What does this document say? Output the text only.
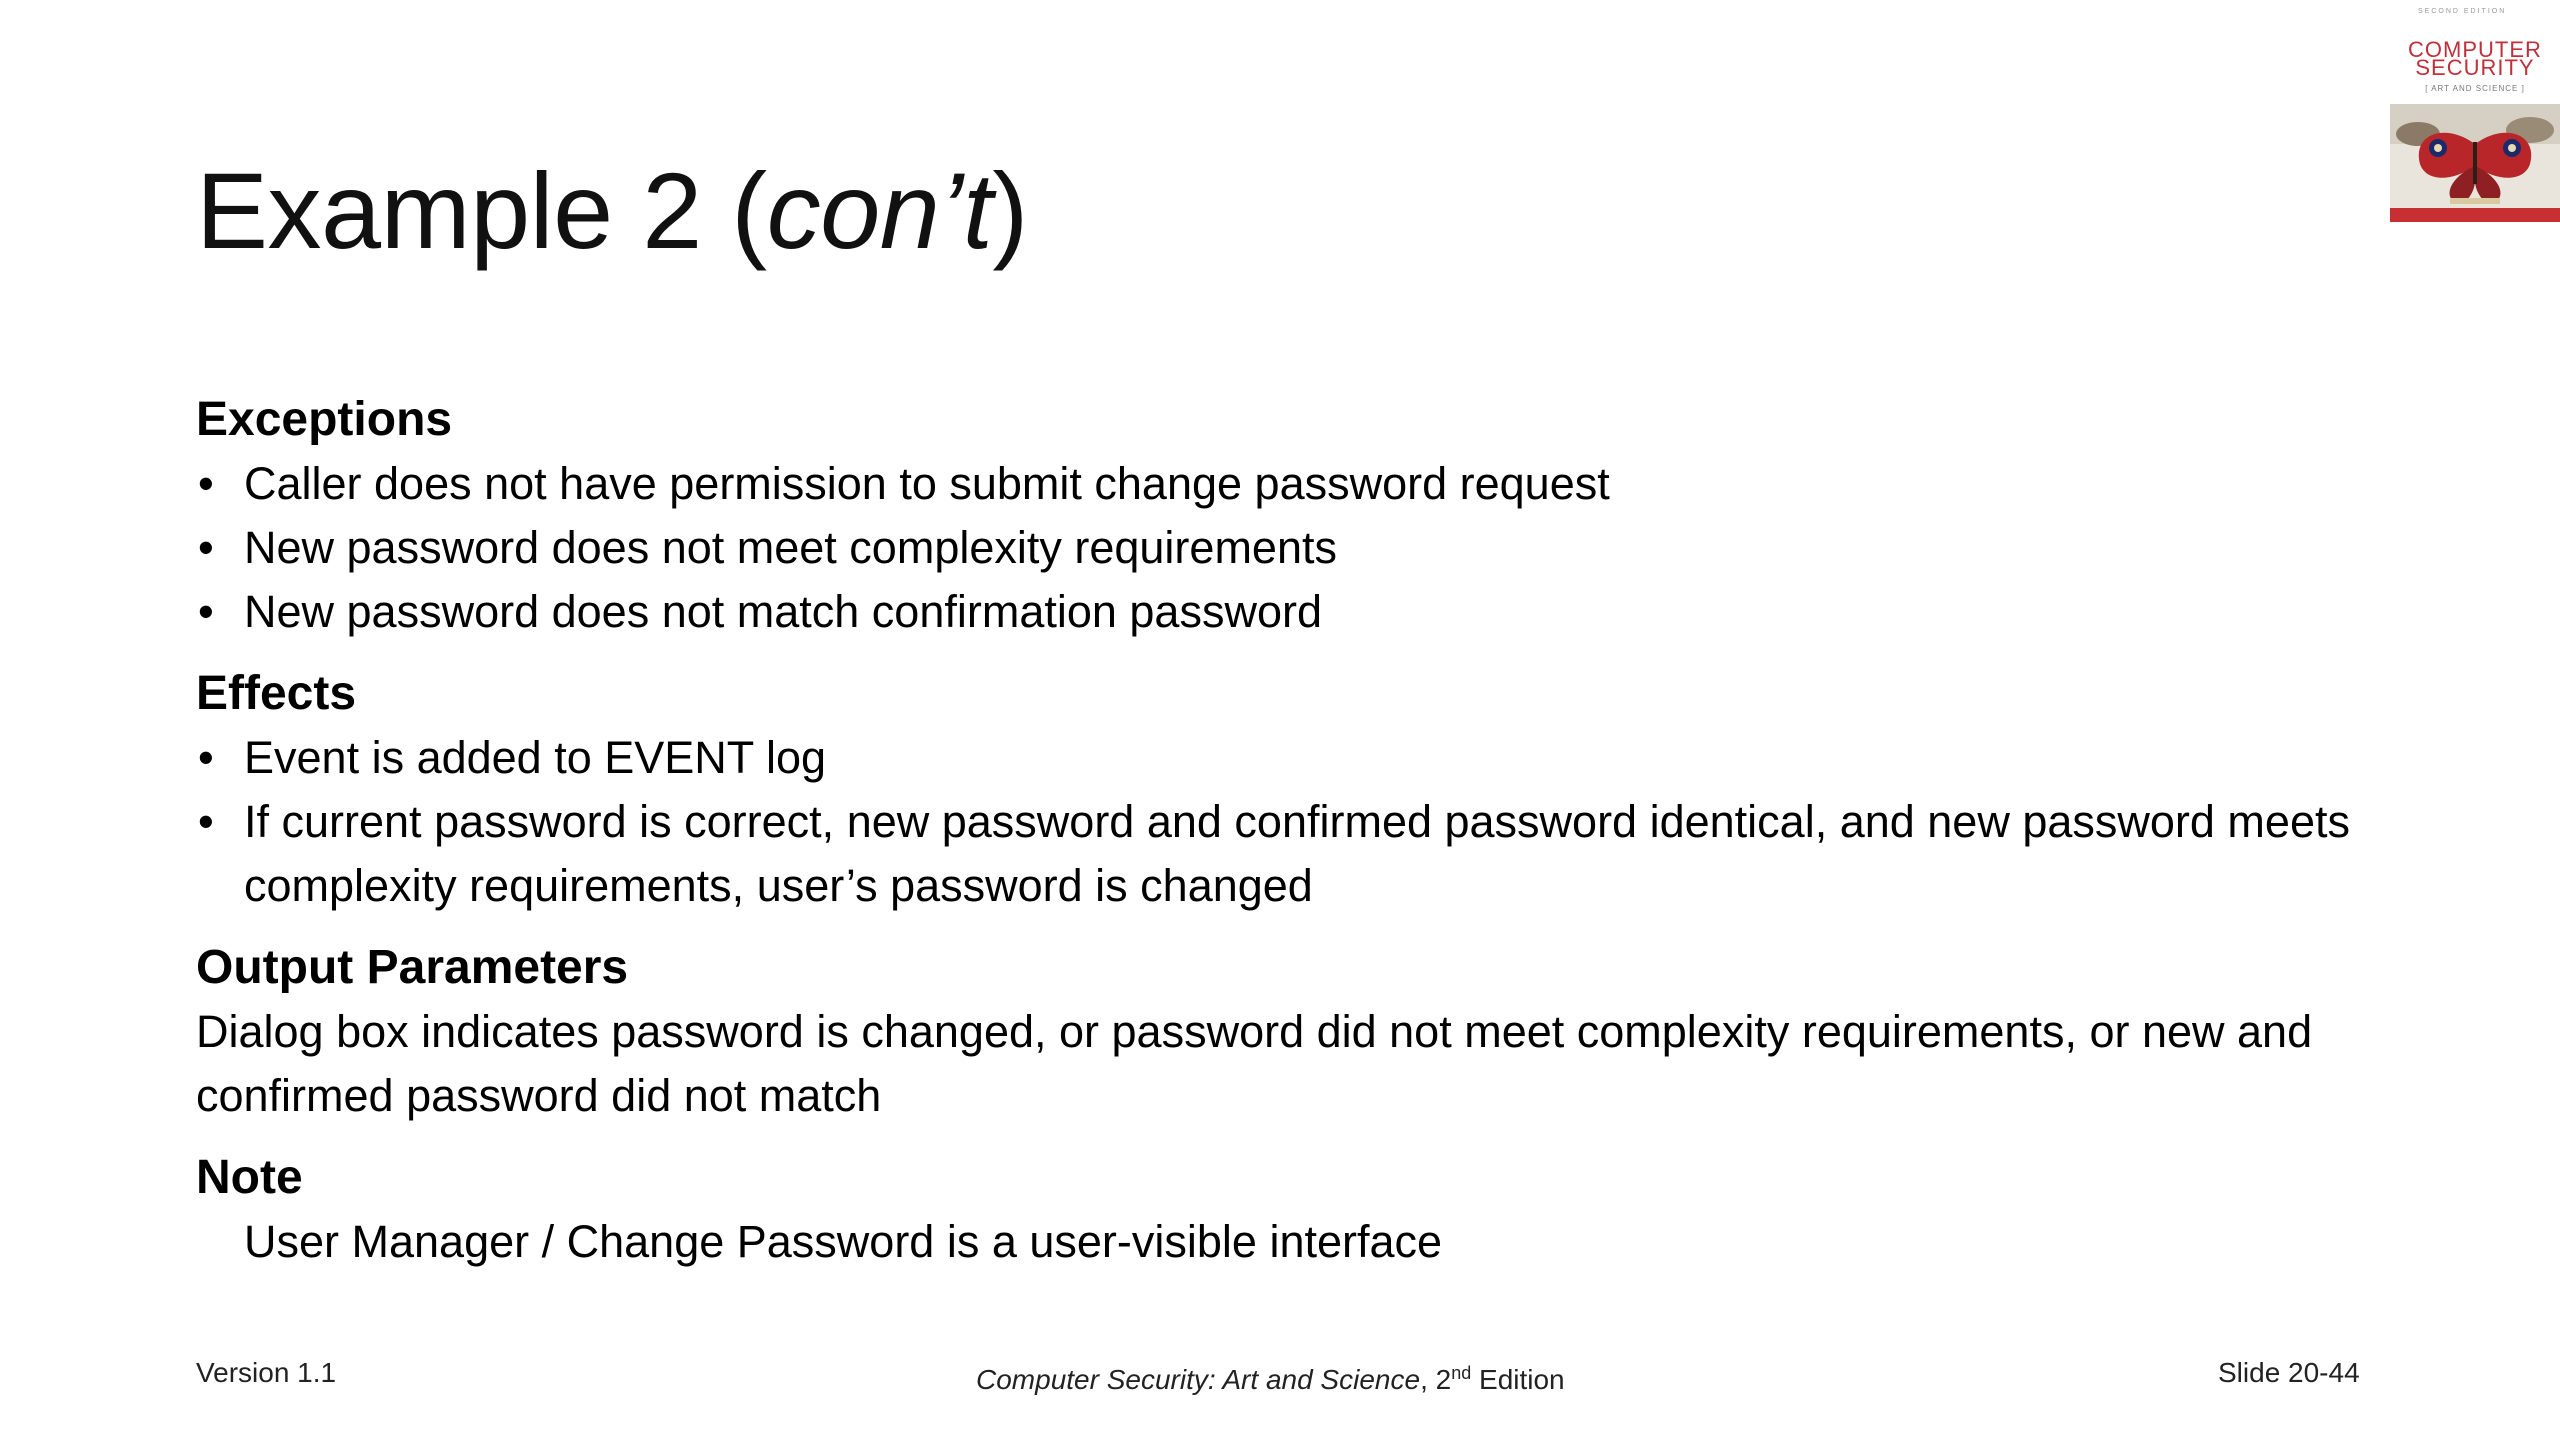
Example 2 (con’t)
SECOND EDITION
COMPUTER
SECURITY
[ ART AND SCIENCE ]

Exceptions

• Caller does not have permission to submit change password request
• New password does not meet complexity requirements
• New password does not match confirmation password

Effects

• Event is added to EVENT log
• If current password is correct, new password and confirmed password identical, and new password meets complexity requirements, user’s password is changed

Output Parameters

Dialog box indicates password is changed, or password did not meet complexity requirements, or new and confirmed password did not match

Note

User Manager / Change Password is a user-visible interface

Version 1.1	Computer Security: Art and Science, 2nd Edition	Slide 20-44
